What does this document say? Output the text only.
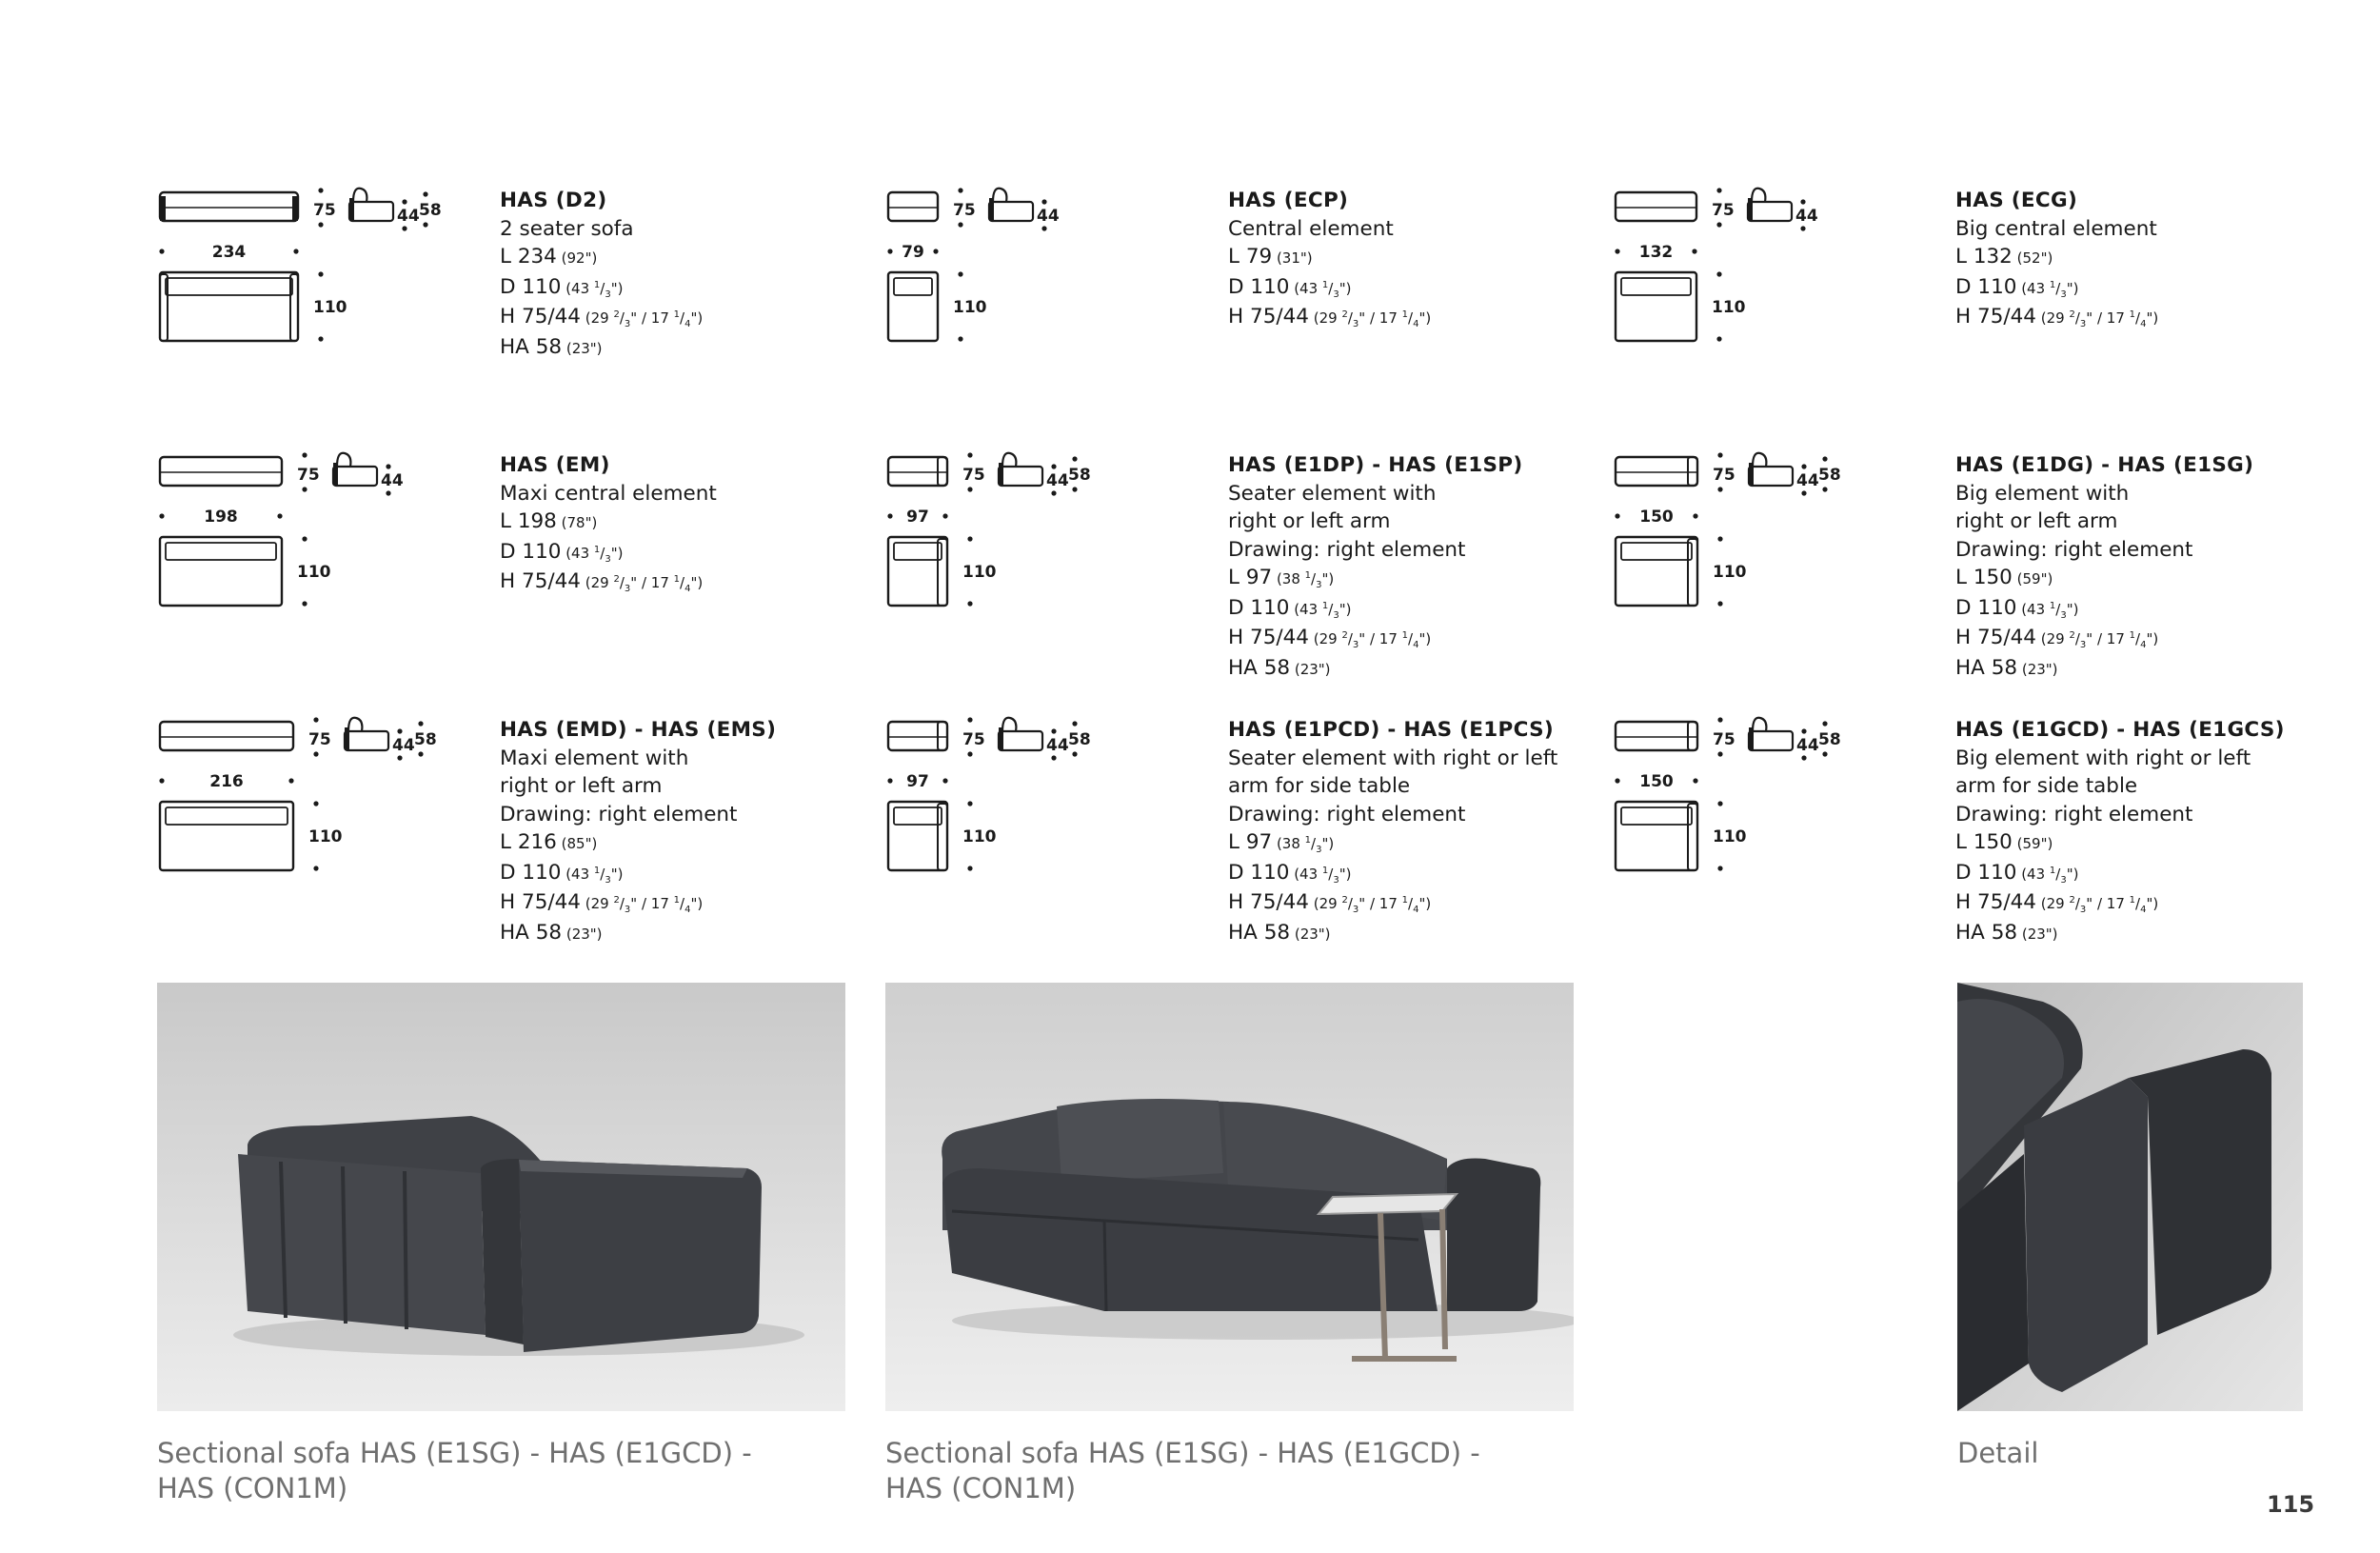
75	44 58
234
110
HAS (D2)
2 seater sofa
L 234 (92")
D 110 (43 $^1/_3$")
H 75/44 (29 $^2/_3$" / 17 $^1/_4$")
HA 58 (23")
75	44
79
110
HAS (ECP)
Central element
L 79 (31")
D 110 (43 $^1/_3$")
H 75/44 (29 $^2/_3$" / 17 $^1/_4$")
75	44
132
110
HAS (ECG)
Big central element
L 132 (52")
D 110 (43 $^1/_3$")
H 75/44 (29 $^2/_3$" / 17 $^1/_4$")
75	44
198
110
HAS (EM)
Maxi central element
L 198 (78")
D 110 (43 $^1/_3$")
H 75/44 (29 $^2/_3$" / 17 $^1/_4$")
75	44 58
97
110
HAS (E1DP) - HAS (E1SP)
Seater element with
right or left arm
Drawing: right element
L 97 (38 $^1/_3$")
D 110 (43 $^1/_3$")
H 75/44 (29 $^2/_3$" / 17 $^1/_4$")
HA 58 (23")
75	44 58
150
110
HAS (E1DG) - HAS (E1SG)
Big element with
right or left arm
Drawing: right element
L 150 (59")
D 110 (43 $^1/_3$")
H 75/44 (29 $^2/_3$" / 17 $^1/_4$")
HA 58 (23")
75	44 58
216
110
HAS (EMD) - HAS (EMS)
Maxi element with
right or left arm
Drawing: right element
L 216 (85")
D 110 (43 $^1/_3$")
H 75/44 (29 $^2/_3$" / 17 $^1/_4$")
HA 58 (23")
75	44 58
97
110
HAS (E1PCD) - HAS (E1PCS)
Seater element with right or left
arm for side table
Drawing: right element
L 97 (38 $^1/_3$")
D 110 (43 $^1/_3$")
H 75/44 (29 $^2/_3$" / 17 $^1/_4$")
HA 58 (23")
75	44 58
150
110
HAS (E1GCD) - HAS (E1GCS)
Big element with right or left
arm for side table
Drawing: right element
L 150 (59")
D 110 (43 $^1/_3$")
H 75/44 (29 $^2/_3$" / 17 $^1/_4$")
HA 58 (23")
Sectional sofa HAS (E1SG) - HAS (E1GCD) -
HAS (CON1M)
Sectional sofa HAS (E1SG) - HAS (E1GCD) -
HAS (CON1M)
Detail
115
